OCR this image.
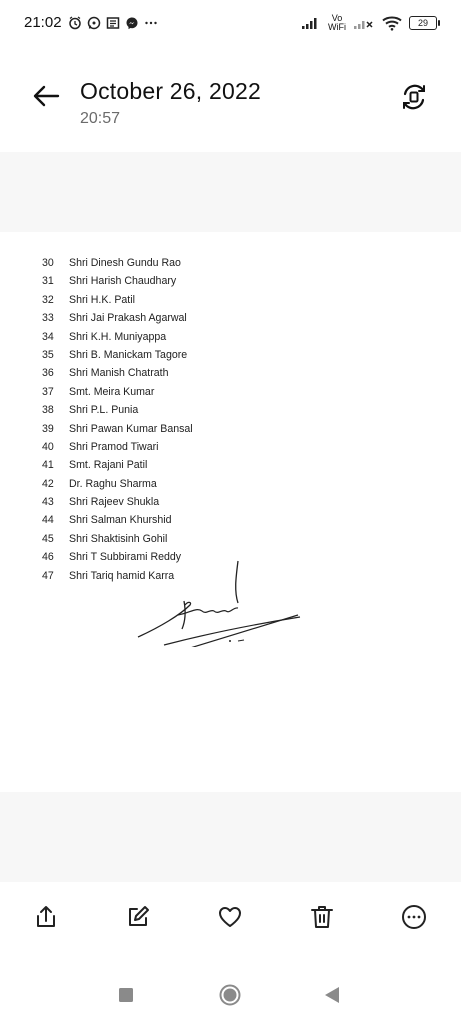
21:02	Vo
WiFi	29
October 26, 2022
20:57
30	Shri Dinesh Gundu Rao
31	Shri Harish Chaudhary
32	Shri H.K. Patil
33	Shri Jai Prakash Agarwal
34	Shri K.H. Muniyappa
35	Shri B. Manickam Tagore
36	Shri Manish Chatrath
37	Smt. Meira Kumar
38	Shri P.L. Punia
39	Shri Pawan Kumar Bansal
40	Shri Pramod Tiwari
41	Smt. Rajani Patil
42	Dr. Raghu Sharma
43	Shri Rajeev Shukla
44	Shri Salman Khurshid
45	Shri Shaktisinh Gohil
46	Shri T Subbirami Reddy
47	Shri Tariq hamid Karra
